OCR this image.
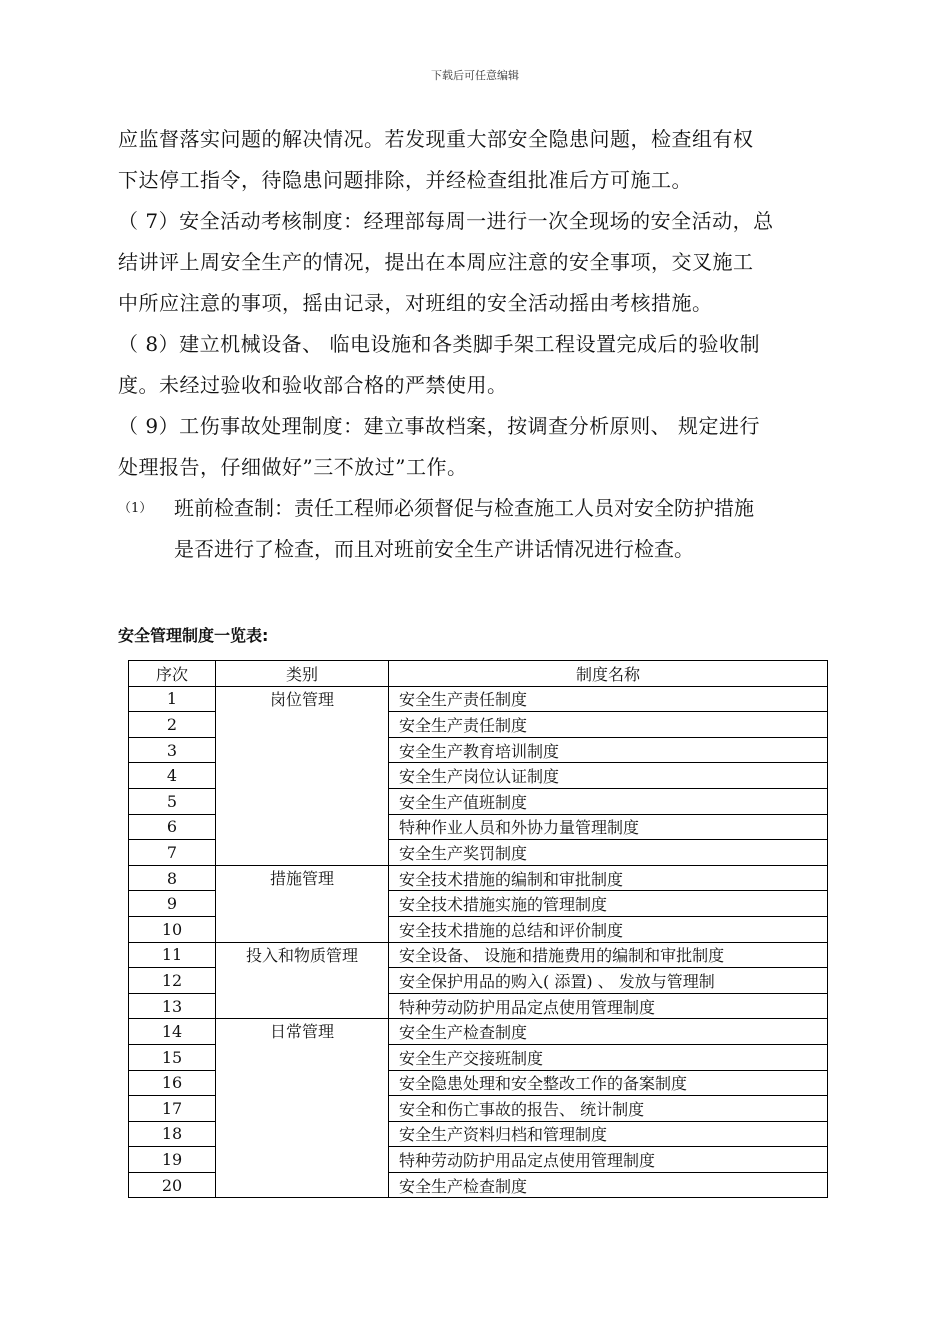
下载后可任意编辑
应监督落实问题的解决情况。若发现重大部安全隐患问题，检查组有权
下达停工指令，待隐患问题排除，并经检查组批准后方可施工。
（ 7）安全活动考核制度：经理部每周一进行一次全现场的安全活动，总
结讲评上周安全生产的情况，提出在本周应注意的安全事项，交叉施工
中所应注意的事项，摇由记录，对班组的安全活动摇由考核措施。
（ 8）建立机械设备、 临电设施和各类脚手架工程设置完成后的验收制
度。未经过验收和验收部合格的严禁使用。
（ 9）工伤事故处理制度：建立事故档案，按调查分析原则、 规定进行
处理报告，仔细做好”三不放过”工作。
（1）	班前检查制：责任工程师必须督促与检查施工人员对安全防护措施
是否进行了检查，而且对班前安全生产讲话情况进行检查。
安全管理制度一览表:
序次	类别	制度名称
1	岗位管理	安全生产责任制度
2		安全生产责任制度
3		安全生产教育培训制度
4		安全生产岗位认证制度
5		安全生产值班制度
6		特种作业人员和外协力量管理制度
7		安全生产奖罚制度
8	措施管理	安全技术措施的编制和审批制度
9		安全技术措施实施的管理制度
10		安全技术措施的总结和评价制度
11	投入和物质管理	安全设备、 设施和措施费用的编制和审批制度
12		安全保护用品的购入( 添置) 、 发放与管理制
13		特种劳动防护用品定点使用管理制度
14	日常管理	安全生产检查制度
15		安全生产交接班制度
16		安全隐患处理和安全整改工作的备案制度
17		安全和伤亡事故的报告、 统计制度
18		安全生产资料归档和管理制度
19		特种劳动防护用品定点使用管理制度
20		安全生产检查制度
